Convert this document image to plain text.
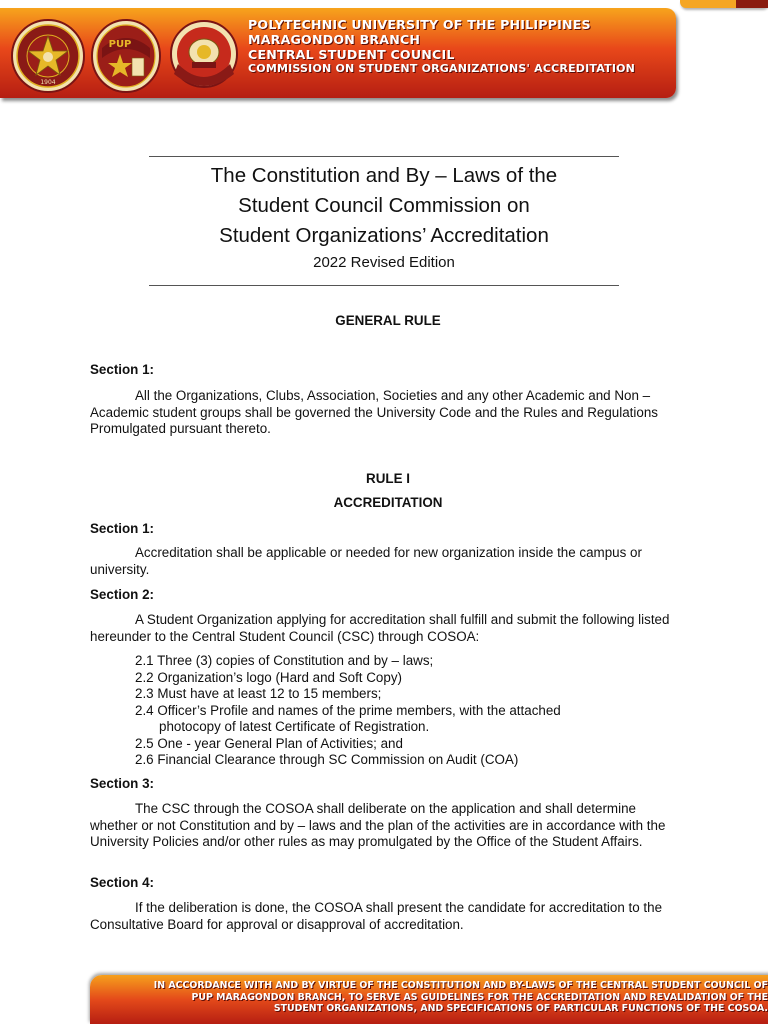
1904
PUP
POLYTECHNIC UNIVERSITY OF THE PHILIPPINES
MARAGONDON BRANCH
CENTRAL STUDENT COUNCIL
COMMISSION ON STUDENT ORGANIZATIONS' ACCREDITATION
The Constitution and By – Laws of the
Student Council Commission on
Student Organizations’ Accreditation
2022 Revised Edition
GENERAL RULE
Section 1:

All the Organizations, Clubs, Association, Societies and any other Academic and Non – Academic student groups shall be governed the University Code and the Rules and Regulations Promulgated pursuant thereto.

RULE I
ACCREDITATION
Section 1:

Accreditation shall be applicable or needed for new organization inside the campus or university.

Section 2:

A Student Organization applying for accreditation shall fulfill and submit the following listed hereunder to the Central Student Council (CSC) through COSOA:

2.1 Three (3) copies of Constitution and by – laws;
2.2 Organization’s logo (Hard and Soft Copy)
2.3 Must have at least 12 to 15 members;
2.4 Officer’s Profile and names of the prime members, with the attached
photocopy of latest Certificate of Registration.
2.5 One - year General Plan of Activities; and
2.6 Financial Clearance through SC Commission on Audit (COA)
Section 3:

The CSC through the COSOA shall deliberate on the application and shall determine whether or not Constitution and by – laws and the plan of the activities are in accordance with the University Policies and/or other rules as may promulgated by the Office of the Student Affairs.

Section 4:

If the deliberation is done, the COSOA shall present the candidate for accreditation to the Consultative Board for approval or disapproval of accreditation.

IN ACCORDANCE WITH AND BY VIRTUE OF THE CONSTITUTION AND BY-LAWS OF THE CENTRAL STUDENT COUNCIL OF
PUP MARAGONDON BRANCH, TO SERVE AS GUIDELINES FOR THE ACCREDITATION AND REVALIDATION OF THE
STUDENT ORGANIZATIONS, AND SPECIFICATIONS OF PARTICULAR FUNCTIONS OF THE COSOA.
